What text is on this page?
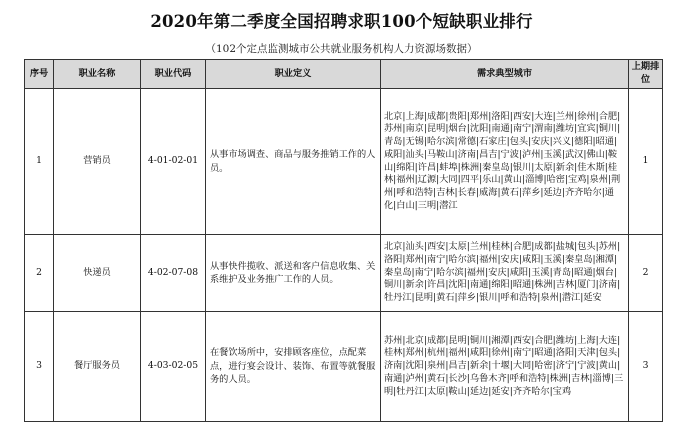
2020年第二季度全国招聘求职100个短缺职业排行
（102个定点监测城市公共就业服务机构人力资源场数据）
序号	职业名称	职业代码	职业定义	需求典型城市	上期排位
1	营销员	4-01-02-01	从事市场调查、商品与服务推销工作的人员。	北京|上海|成都|贵阳|郑州|洛阳|西安|大连|兰州|徐州|合肥|苏州|南京|昆明|烟台|沈阳|南通|南宁|渭南|潍坊|宜宾|铜川|青岛|无锡|哈尔滨|常德|石家庄|包头|安庆|兴义|德阳|昭通|咸阳|汕头|马鞍山|济南|昌吉|宁波|泸州|玉溪|武汉|佛山|鞍山|绵阳|许昌|蚌埠|株洲|秦皇岛|银川|太原|新余|佳木斯|桂林|福州|辽源|大同|四平|乐山|黄山|淄博|哈密|宝鸡|泉州|荆州|呼和浩特|吉林|长春|威海|黄石|萍乡|延边|齐齐哈尔|通化|白山|三明|潜江	1
2	快递员	4-02-07-08	从事快件揽收、派送和客户信息收集、关系维护及业务推广工作的人员。	北京|汕头|西安|太原|兰州|桂林|合肥|成都|盐城|包头|苏州|洛阳|郑州|南宁|哈尔滨|福州|安庆|咸阳|玉溪|秦皇岛|湘潭|秦皇岛|南宁|哈尔滨|福州|安庆|咸阳|玉溪|青岛|昭通|烟台|铜川|新余|许昌|沈阳|南通|绵阳|昭通|株洲|吉林|厦门|济南|牡丹江|昆明|黄石|萍乡|银川|呼和浩特|泉州|潜江|延安	2
3	餐厅服务员	4-03-02-05	在餐饮场所中，安排顾客座位，点配菜点，进行宴会设计、装饰、布置等就餐服务的人员。	苏州|北京|成都|昆明|铜川|湘潭|西安|合肥|潍坊|上海|大连|桂林|郑州|杭州|福州|咸阳|徐州|南宁|昭通|洛阳|天津|包头|济南|沈阳|泉州|昌吉|新余|十堰|大同|哈密|济宁|宁波|黄山|南通|泸州|黄石|长沙|乌鲁木齐|呼和浩特|株洲|吉林|淄博|三明|牡丹江|太原|鞍山|延边|延安|齐齐哈尔|宝鸡	3
